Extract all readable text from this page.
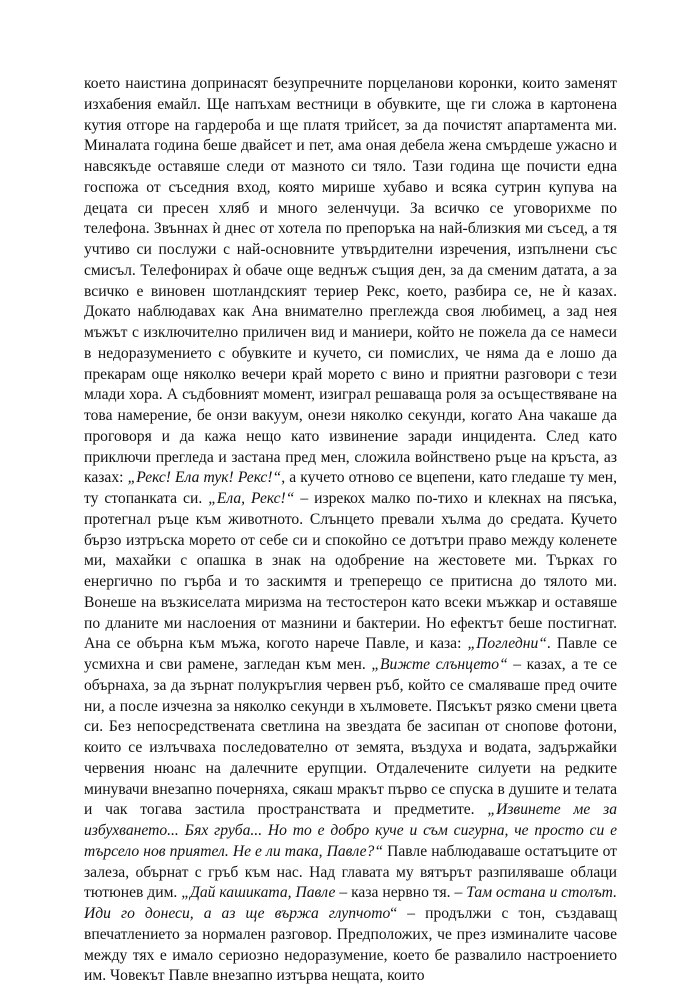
което наистина допринасят безупречните порцеланови коронки, които заменят изхабения емайл. Ще напъхам вестници в обувките, ще ги сложа в картонена кутия отгоре на гардероба и ще платя трийсет, за да почистят апартамента ми. Миналата година беше двайсет и пет, ама оная дебела жена смърдеше ужасно и навсякъде оставяше следи от мазното си тяло. Тази година ще почисти една госпожа от съседния вход, която мирише хубаво и всяка сутрин купува на децата си пресен хляб и много зеленчуци. За всичко се уговорихме по телефона. Звъннах ѝ днес от хотела по препоръка на най-близкия ми съсед, а тя учтиво си послужи с най-основните утвърдителни изречения, изпълнени със смисъл. Телефонирах ѝ обаче още веднъж същия ден, за да сменим датата, а за всичко е виновен шотландският териер Рекс, което, разбира се, не ѝ казах. Докато наблюдавах как Ана внимателно преглежда своя любимец, а зад нея мъжът с изключително приличен вид и маниери, който не пожела да се намеси в недоразумението с обувките и кучето, си помислих, че няма да е лошо да прекарам още няколко вечери край морето с вино и приятни разговори с тези млади хора. А съдбовният момент, изиграл решаваща роля за осъществяване на това намерение, бе онзи вакуум, онези няколко секунди, когато Ана чакаше да проговоря и да кажа нещо като извинение заради инцидента. След като приключи прегледа и застана пред мен, сложила войнствено ръце на кръста, аз казах: „Рекс! Ела тук! Рекс!“, а кучето отново се вцепени, като гледаше ту мен, ту стопанката си. „Ела, Рекс!“ – изрекох малко по-тихо и клекнах на пясъка, протегнал ръце към животното. Слънцето превали хълма до средата. Кучето бързо изтръска морето от себе си и спокойно се дотътри право между коленете ми, махайки с опашка в знак на одобрение на жестовете ми. Търках го енергично по гърба и то заскимтя и треперещо се притисна до тялото ми. Вонеше на възкиселата миризма на тестостерон като всеки мъжкар и оставяше по дланите ми наслоения от мазнини и бактерии. Но ефектът беше постигнат. Ана се обърна към мъжа, когото нарече Павле, и каза: „Погледни“. Павле се усмихна и сви рамене, загледан към мен. „Вижте слънцето“ – казах, а те се обърнаха, за да зърнат полукръглия червен ръб, който се смаляваше пред очите ни, а после изчезна за няколко секунди в хълмовете. Пясъкът рязко смени цвета си. Без непосредствената светлина на звездата бе засипан от снопове фотони, които се излъчваха последователно от земята, въздуха и водата, задържайки червения нюанс на далечните ерупции. Отдалечените силуети на редките минувачи внезапно почерняха, сякаш мракът първо се спуска в душите и телата и чак тогава застила пространствата и предметите. „Извинете ме за избухването... Бях груба... Но то е добро куче и съм сигурна, че просто си е търсело нов приятел. Не е ли така, Павле?“ Павле наблюдаваше остатъците от залеза, обърнат с гръб към нас. Над главата му вятърът разпиляваше облаци тютюнев дим. „Дай кашиката, Павле – каза нервно тя. – Там остана и столът. Иди го донеси, а аз ще вържа глупчото“ – продължи с тон, създаващ впечатлението за нормален разговор. Предположих, че през изминалите часове между тях е имало сериозно недоразумение, което бе развалило настроението им. Човекът Павле внезапно изтърва нещата, които
